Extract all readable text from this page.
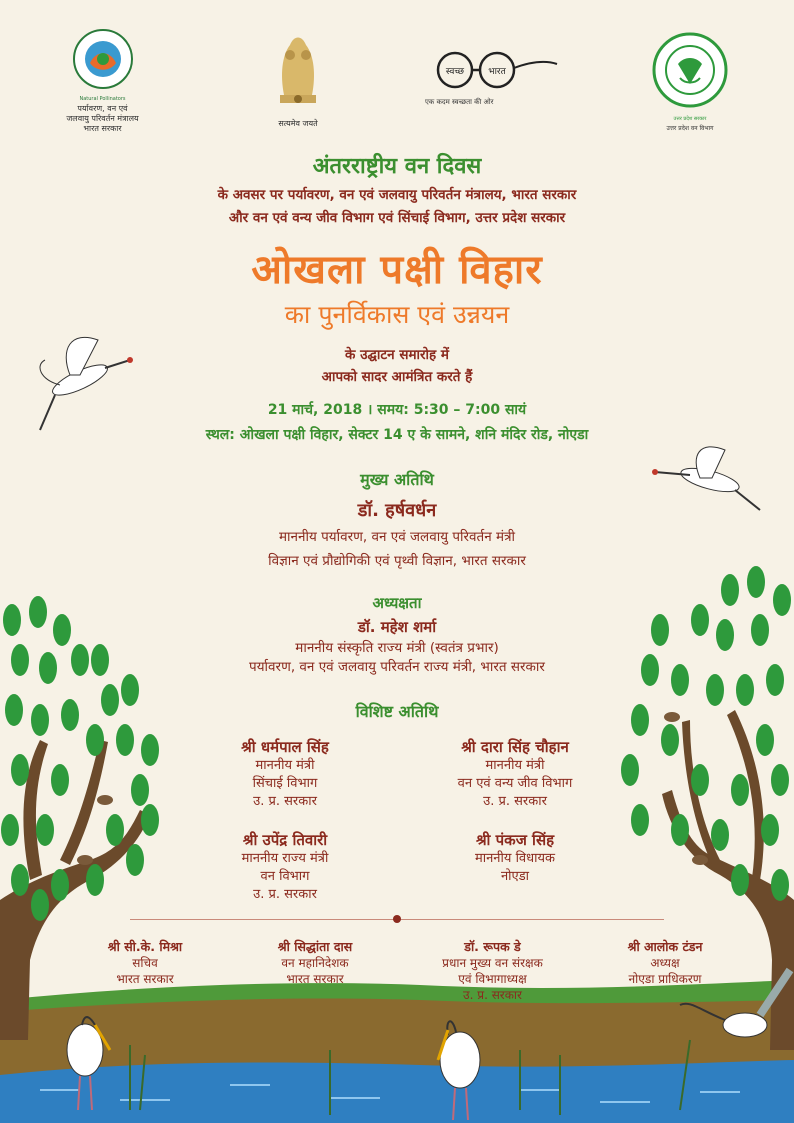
Natural Pollinators
पर्यावरण, वन एवं
जलवायु परिवर्तन मंत्रालय
भारत सरकार
सत्यमेव जयते
स्वच्छ	भारत
एक कदम स्वच्छता की ओर
उत्तर प्रदेश सरकार
उत्तर प्रदेश वन विभाग
अंतरराष्ट्रीय वन दिवस
के अवसर पर पर्यावरण, वन एवं जलवायु परिवर्तन मंत्रालय, भारत सरकार
और वन एवं वन्य जीव विभाग एवं सिंचाई विभाग, उत्तर प्रदेश सरकार
ओखला पक्षी विहार
का पुनर्विकास एवं उन्नयन
के उद्घाटन समारोह में
आपको सादर आमंत्रित करते हैं
21 मार्च, 2018 । समय: 5:30 – 7:00 सायं
स्थल: ओखला पक्षी विहार, सेक्टर 14 ए के सामने, शनि मंदिर रोड, नोएडा
मुख्य अतिथि
डॉ. हर्षवर्धन
माननीय पर्यावरण, वन एवं जलवायु परिवर्तन मंत्री
विज्ञान एवं प्रौद्योगिकी एवं पृथ्वी विज्ञान, भारत सरकार
अध्यक्षता
डॉ. महेश शर्मा
माननीय संस्कृति राज्य मंत्री (स्वतंत्र प्रभार)
पर्यावरण, वन एवं जलवायु परिवर्तन राज्य मंत्री, भारत सरकार
विशिष्ट अतिथि
श्री धर्मपाल सिंह
माननीय मंत्री
सिंचाई विभाग
उ. प्र. सरकार
श्री दारा सिंह चौहान
माननीय मंत्री
वन एवं वन्य जीव विभाग
उ. प्र. सरकार
श्री उपेंद्र तिवारी
माननीय राज्य मंत्री
वन विभाग
उ. प्र. सरकार
श्री पंकज सिंह
माननीय विधायक
नोएडा
श्री सी.के. मिश्रा
सचिव
भारत सरकार
श्री सिद्धांता दास
वन महानिदेशक
भारत सरकार
डॉ. रूपक डे
प्रधान मुख्य वन संरक्षक
एवं विभागाध्यक्ष
उ. प्र. सरकार
श्री आलोक टंडन
अध्यक्ष
नोएडा प्राधिकरण
